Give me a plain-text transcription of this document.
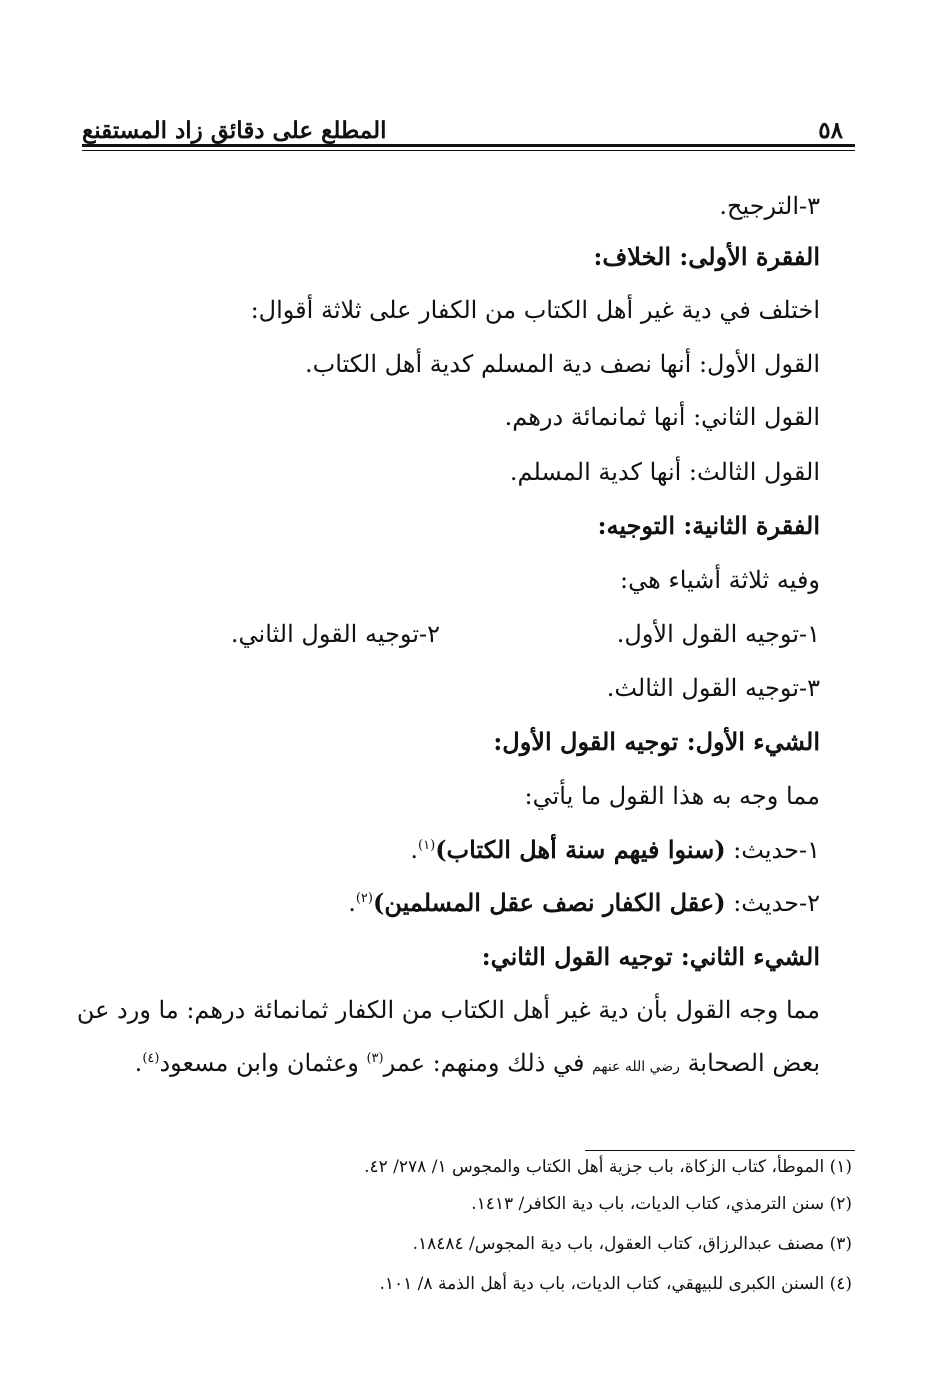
٥٨
المطلع على دقائق زاد المستقنع
٣-الترجيح.
الفقرة الأولى: الخلاف:
اختلف في دية غير أهل الكتاب من الكفار على ثلاثة أقوال:
القول الأول: أنها نصف دية المسلم كدية أهل الكتاب.
القول الثاني: أنها ثمانمائة درهم.
القول الثالث: أنها كدية المسلم.
الفقرة الثانية: التوجيه:
وفيه ثلاثة أشياء هي:
١-توجيه القول الأول.
٢-توجيه القول الثاني.
٣-توجيه القول الثالث.
الشيء الأول: توجيه القول الأول:
مما وجه به هذا القول ما يأتي:
١-حديث: (سنوا فيهم سنة أهل الكتاب)$^{(١)}$.
٢-حديث: (عقل الكفار نصف عقل المسلمين)$^{(٢)}$.
الشيء الثاني: توجيه القول الثاني:
مما وجه القول بأن دية غير أهل الكتاب من الكفار ثمانمائة درهم: ما ورد عن
بعض الصحابة رضي الله عنهم في ذلك ومنهم: عمر$^{(٣)}$ وعثمان وابن مسعود$^{(٤)}$.
(١) الموطأ، كتاب الزكاة، باب جزية أهل الكتاب والمجوس ١/ ٢٧٨/ ٤٢.
(٢) سنن الترمذي، كتاب الديات، باب دية الكافر/ ١٤١٣.
(٣) مصنف عبدالرزاق، كتاب العقول، باب دية المجوس/ ١٨٤٨٤.
(٤) السنن الكبرى للبيهقي، كتاب الديات، باب دية أهل الذمة ٨/ ١٠١.
